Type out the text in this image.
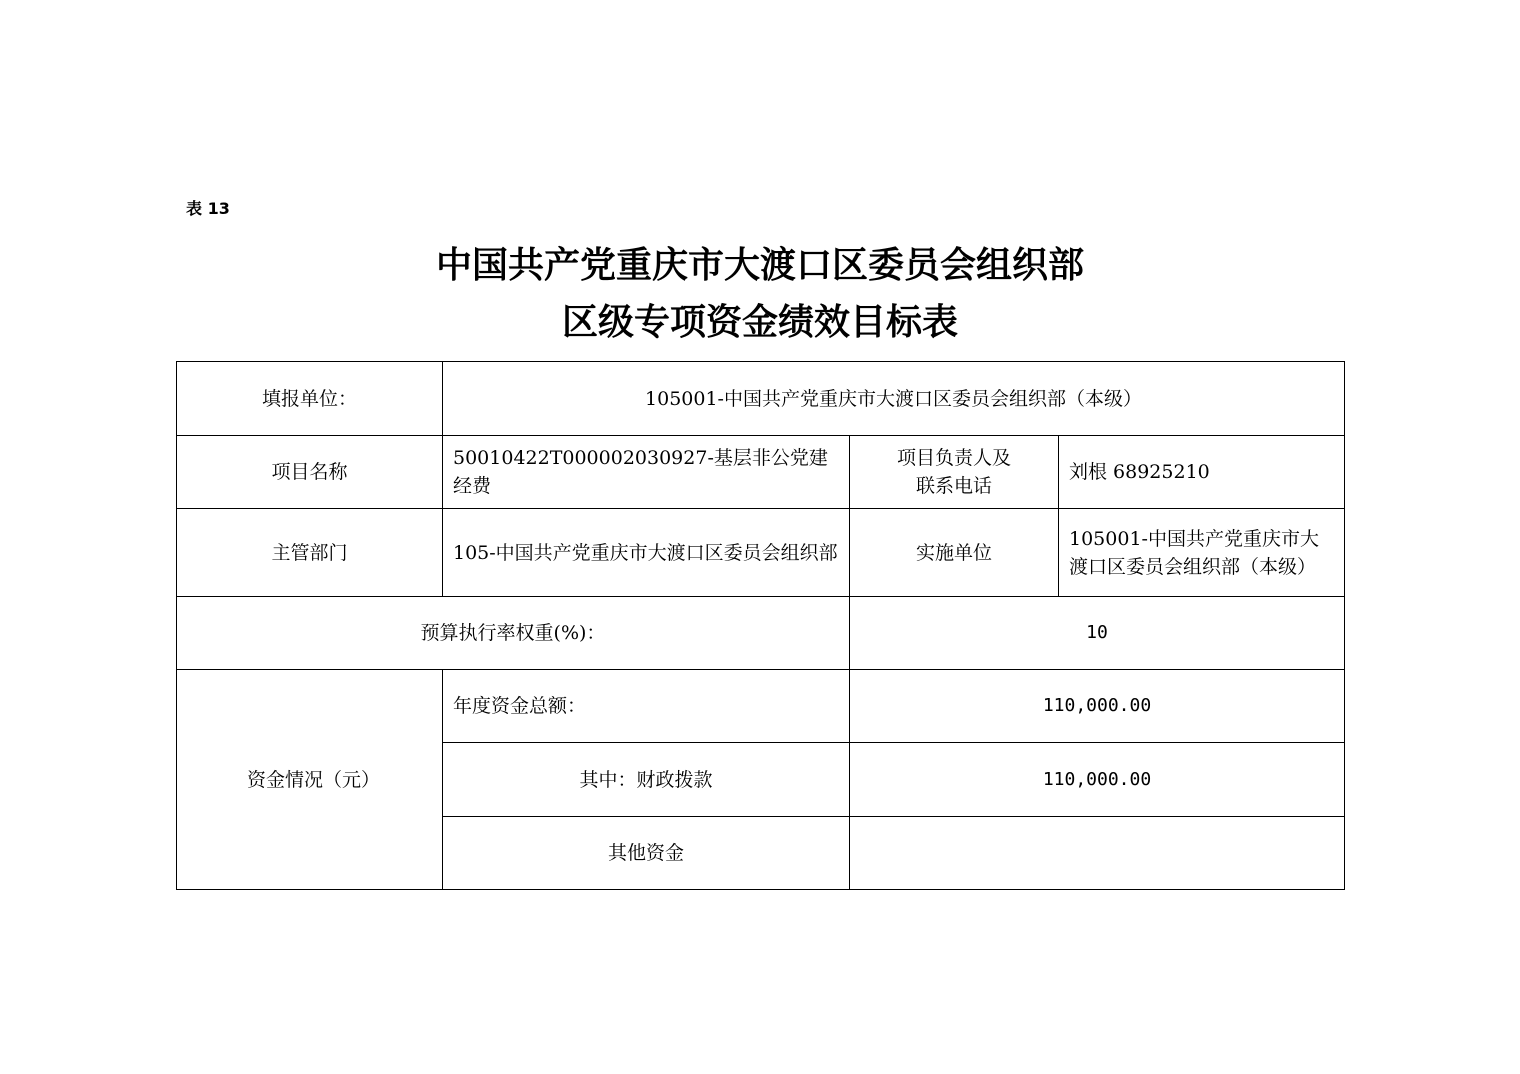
表 13
中国共产党重庆市大渡口区委员会组织部
区级专项资金绩效目标表
填报单位：	105001-中国共产党重庆市大渡口区委员会组织部（本级）		
项目名称	50010422T000002030927-基层非公党建经费	项目负责人及联系电话	刘根 68925210
主管部门	105-中国共产党重庆市大渡口区委员会组织部	实施单位	105001-中国共产党重庆市大渡口区委员会组织部（本级）
预算执行率权重(%)：		10	
资金情况（元）	年度资金总额：	110,000.00	
	其中：财政拨款	110,000.00	
	其他资金		
